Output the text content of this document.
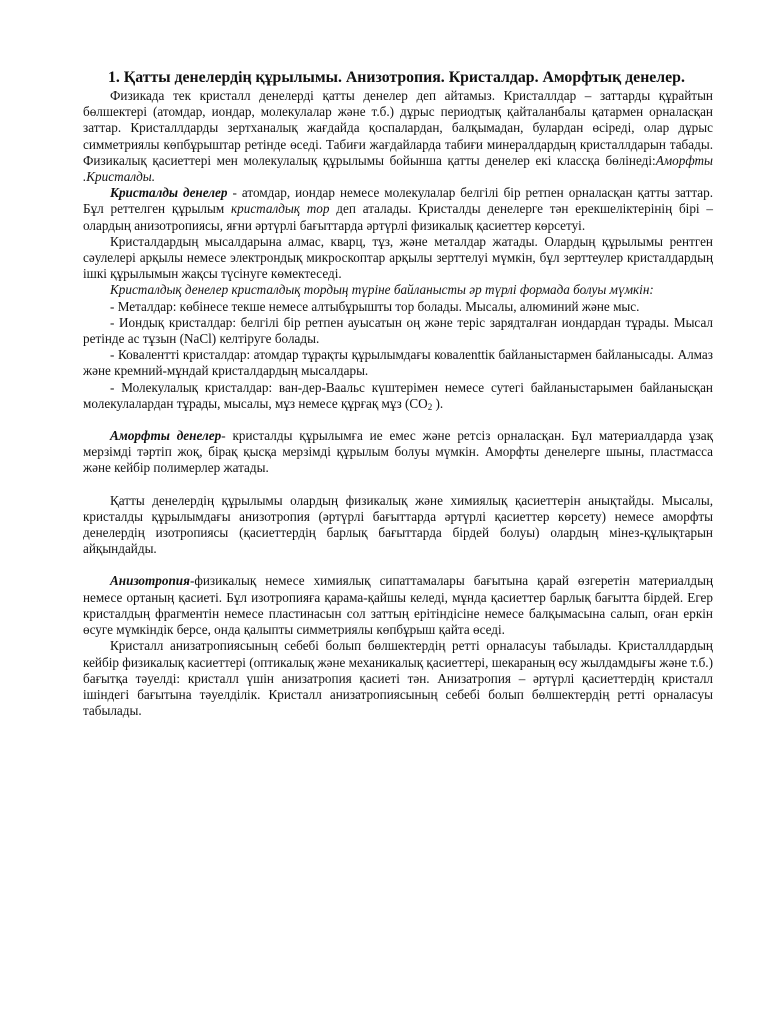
1. Қатты денелердің құрылымы. Анизотропия. Кристалдар. Аморфтық денелер.

Физикада тек кристалл денелерді қатты денелер деп айтамыз. Кристаллдар – заттарды құрайтын бөлшектері (атомдар, иондар, молекулалар және т.б.) дұрыс периодтық қайталанбалы қатармен орналасқан заттар. Кристаллдарды зертханалық жағдайда қоспалардан, балқымадан, булардан өсіреді, олар дұрыс симметриялы көпбұрыштар ретінде өседі. Табиғи жағдайларда табиғи минералдардың кристаллдарын табады. Физикалық қасиеттері мен молекулалық құрылымы бойынша қатты денелер екі классқа бөлінеді:Аморфты .Кристалды.

Кристалды денелер - атомдар, иондар немесе молекулалар белгілі бір ретпен орналасқан қатты заттар. Бұл реттелген құрылым кристалдық тор деп аталады. Кристалды денелерге тән ерекшеліктерінің бірі – олардың анизотропиясы, яғни әртүрлі бағыттарда әртүрлі физикалық қасиеттер көрсетуі.

Кристалдардың мысалдарына алмас, кварц, тұз, және металдар жатады. Олардың құрылымы рентген сәулелері арқылы немесе электрондық микроскоптар арқылы зерттелуі мүмкін, бұл зерттеулер кристалдардың ішкі құрылымын жақсы түсінуге көмектеседі.

Кристалдық денелер кристалдық тордың түріне байланысты әр түрлі формада болуы мүмкін:

- Металдар: көбінесе текше немесе алтыбұрышты тор болады. Мысалы, алюминий және мыс.

- Иондық кристалдар: белгілі бір ретпен ауысатын оң және теріс зарядталған иондардан тұрады. Мысал ретінде ас тұзын (NaCl) келтіруге болады.

- Ковалентті кристалдар: атомдар тұрақты құрылымдағы ковалenttік байланыстармен байланысады. Алмаз және кремний-мұндай кристалдардың мысалдары.

- Молекулалық кристалдар: ван-дер-Ваальс күштерімен немесе сутегі байланыстарымен байланысқан молекулалардан тұрады, мысалы, мұз немесе құрғақ мұз ($CO_2$ ).

Аморфты денелер- кристалды құрылымға ие емес және ретсіз орналасқан. Бұл материалдарда ұзақ мерзімді тәртіп жоқ, бірақ қысқа мерзімді құрылым болуы мүмкін. Аморфты денелерге шыны, пластмасса және кейбір полимерлер жатады.

Қатты денелердің құрылымы олардың физикалық және химиялық қасиеттерін анықтайды. Мысалы, кристалды құрылымдағы анизотропия (әртүрлі бағыттарда әртүрлі қасиеттер көрсету) немесе аморфты денелердің изотропиясы (қасиеттердің барлық бағыттарда бірдей болуы) олардың мінез-құлықтарын айқындайды.

Анизотропия-физикалық немесе химиялық сипаттамалары бағытына қарай өзгеретін материалдың немесе ортаның қасиеті. Бұл изотропияға қарама-қайшы келеді, мұнда қасиеттер барлық бағытта бірдей. Егер кристалдың фрагментін немесе пластинасын сол заттың ерітіндісіне немесе балқымасына салып, оған еркін өсуге мүмкіндік берсе, онда қалыпты симметриялы көпбұрыш қайта өседі.

Кристалл анизатропиясының себебі болып бөлшектердің ретті орналасуы табылады. Кристаллдардың кейбір физикалық касиеттері (оптикалық және механикалық қасиеттері, шекараның өсу жылдамдығы және т.б.) бағытқа тәуелді: кристалл үшін анизатропия қасиеті тән. Анизатропия – әртүрлі қасиеттердің кристалл ішіндегі бағытына тәуелділік. Кристалл анизатропиясының себебі болып бөлшектердің ретті орналасуы табылады.
